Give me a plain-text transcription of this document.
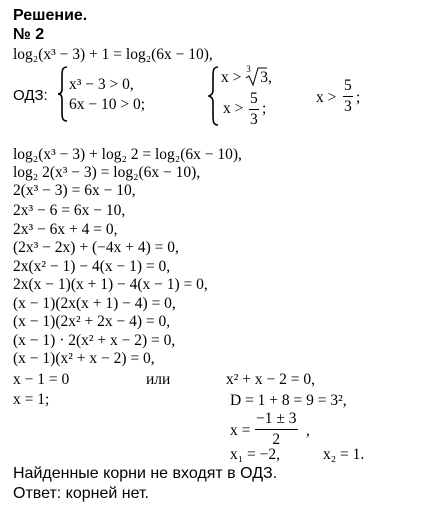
Решение.
№ 2
log₂(x³ − 3) + 1 = log₂(6x − 10),
ОДЗ:
x³ − 3 > 0,
6x − 10 > 0;
x > 3 3,
x >
5
3
;
x >
5
3 ;
log₂(x³ − 3) + log₂ 2 = log₂(6x − 10),
log₂ 2(x³ − 3) = log₂(6x − 10),
2(x³ − 3) = 6x − 10,
2x³ − 6 = 6x − 10,
2x³ − 6x + 4 = 0,
(2x³ − 2x) + (−4x + 4) = 0,
2x(x² − 1) − 4(x − 1) = 0,
2x(x − 1)(x + 1) − 4(x − 1) = 0,
(x − 1)(2x(x + 1) − 4) = 0,
(x − 1)(2x² + 2x − 4) = 0,
(x − 1) · 2(x² + x − 2) = 0,
(x − 1)(x² + x − 2) = 0,
x − 1 = 0
x = 1;
или	x² + x − 2 = 0,
D = 1 + 8 = 9 = 3²,
x =
−1 ± 3
2 ,
x₁ = −2,	x₂ = 1.
Найденные корни не входят в ОДЗ.
Ответ: корней нет.
